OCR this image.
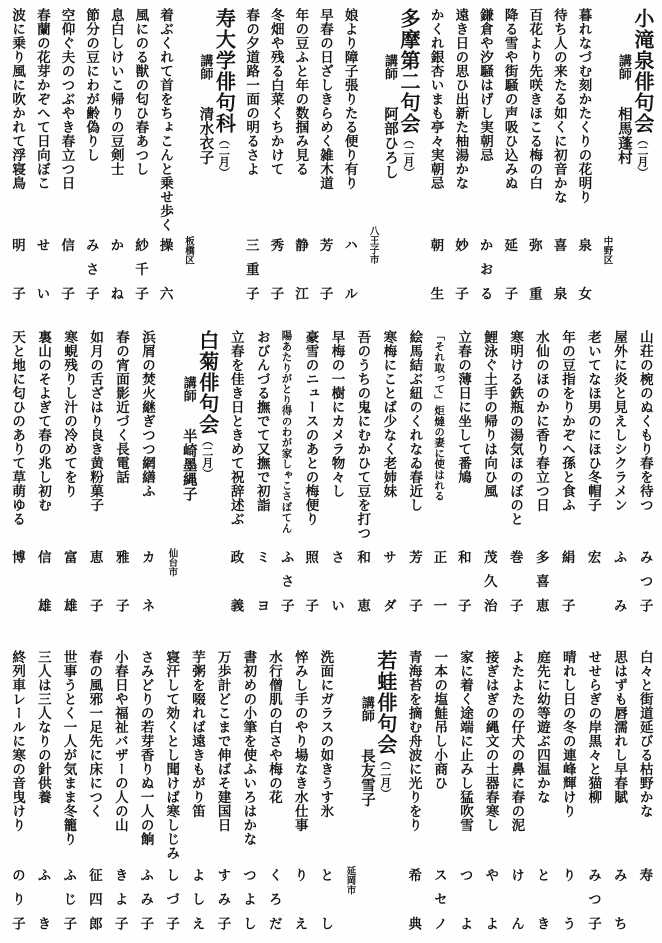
小滝泉俳句会（二月）
講師　相馬蓬村
中野区
暮れなづむ刻かたくりの花明り
泉女
待ち人の来たる如くに初音かな
喜泉
百花より先咲きほこる梅の白
弥重
降る雪や街騒の声吸ひ込みぬ
延子
鎌倉や汐騒はげし実朝忌
かおる
遠き日の思ひ出新た柚湯かな
妙子
かくれ銀杏いまも亭々実朝忌
朝生
多摩第二句会（二月）
講師　阿部ひろし
八王子市
娘より障子張りたる便り有り
ハル
早春の日ざしきらめく雑木道
芳子
年の豆ふと年の数掴み見る
静江
冬畑や残る白菜くちかけて
秀子
春の夕道路一面の明るさよ
三重子
寿大学俳句科（二月）
講師　清水衣子
板橋区
着ぶくれて首をちょこんと乗せ歩く
操六
風にのる獣の匂ひ春あつし
紗千子
息白しけいこ帰りの豆剣士
かね
節分の豆にわが齢偽りし
みさ子
空仰ぐ夫のつぶやき春立つ日
信子
春蘭の花芽かぞへて日向ぼこ
せい
波に乗り風に吹かれて浮寝鳥
明子
山荘の椀のぬくもり春を待つ
みつ子
屋外に炎と見えしシクラメン
ふみ
老いてなほ男のにほひ冬帽子
宏
年の豆指をりかぞへ孫と食ふ
絹子
水仙のほのかに香り春立つ日
多喜恵
寒明ける鉄瓶の湯気ほのぼのと
巻子
鯉泳ぐ土手の帰りは向ひ風
茂久治
立春の薄日に坐して番鳩
和子
「それ取って」炬燵の妻に使はれる
正一
絵馬結ぶ紐のくれなゐ春近し
芳子
寒梅にことば少なく老姉妹
サダ
吾のうちの鬼にむかひて豆を打つ
和恵
早梅の一樹にカメラ物々し
さい
豪雪のニュースのあとの梅便り
照子
陽あたりがとり得のわが家しゃこさぼてん
ふさ子
おびんづる撫でて又撫で初詣
ミヨ
立春を佳き日ときめて祝辞述ぶ
政義
白菊俳句会（二月）
講師　半崎墨縄子
仙台市
浜屑の焚火継ぎつつ網繕ふ
カネ
春の宵面影近づく長電話
雅子
如月の舌ざはり良き黄粉菓子
恵子
寒蜆残りし汁の冷めてをり
富雄
裏山のそよぎて春の兆し初む
信雄
天と地に匂ひのありて草萌ゆる
博
白々と街道延びる枯野かな
寿
思はずも唇濡れし早春賦
みち
せせらぎの岸黒々と猫柳
みつ子
晴れし日の冬の連峰輝けり
りう
庭先に幼等遊ぶ四温かな
とき
よたよたの仔犬の鼻に春の泥
けん
接ぎはぎの縄文の土器春寒し
やよ
家に着く途端に止みし猛吹雪
つよ
一本の塩鮭吊し小商ひ
スセノ
青海苔を摘む舟波に光りをり
希典
若蛙俳句会（二月）
講師　長友雪子
延岡市
洗面にガラスの如きうす氷
とし
悴みし手のやり場なき水仕事
りえ
水行僧肌の白さや梅の花
くろだ
書初めの小筆を使ふいろはかな
つよし
万歩計どこまで伸ばそ建国日
すみ子
芋粥を啜れば遠きもがり笛
よしえ
寝汗して効くとし聞けば寒しじみ
しづ子
さみどりの若芽香りぬ一人の餉
ふみ子
小春日や福祉バザーの人の山
きよ子
春の風邪一足先に床につく
征四郎
世事うとく一人が気まま冬籠り
ふじ子
三人は三人なりの針供養
ふき
終列車レールに寒の音曳けり
のり子
